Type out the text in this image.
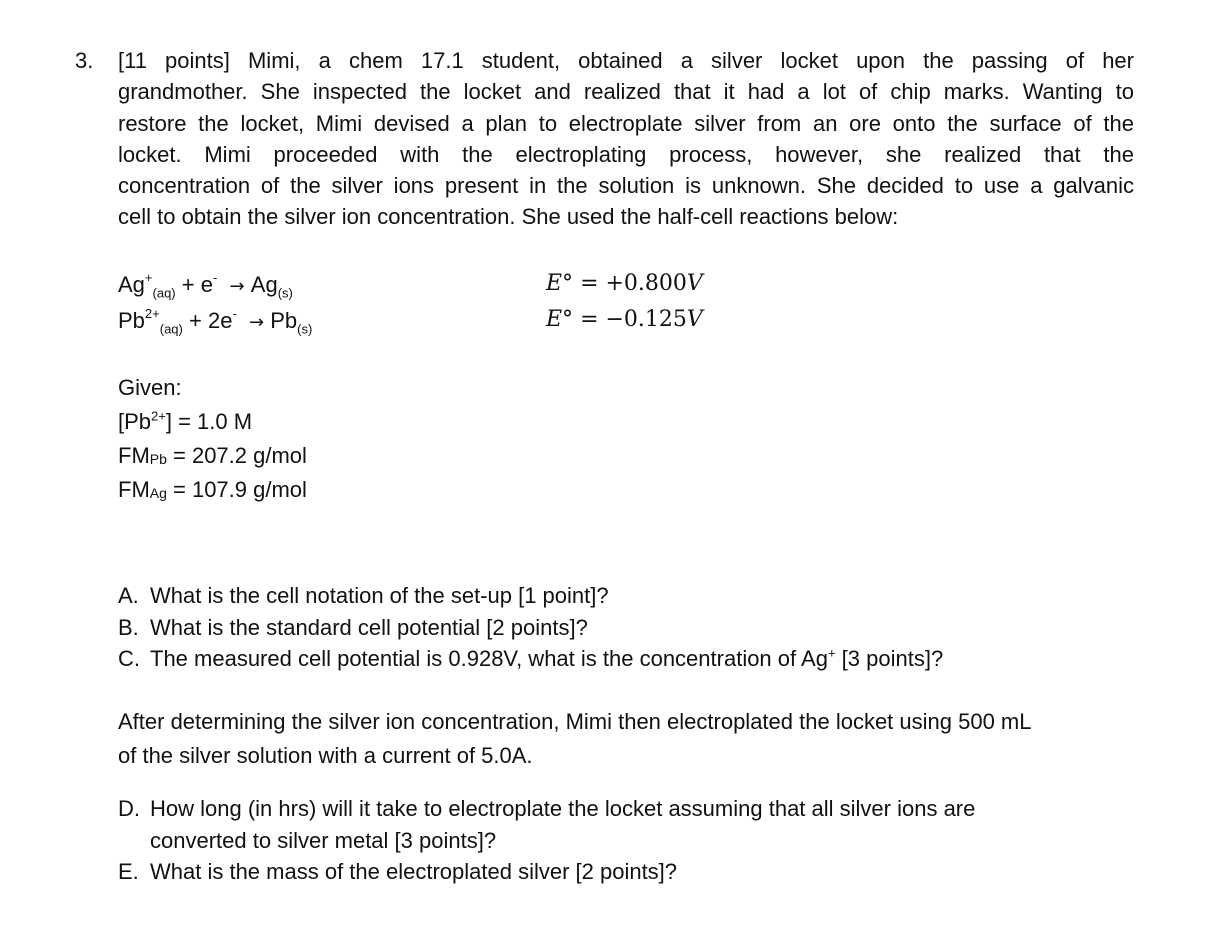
3. [11 points] Mimi, a chem 17.1 student, obtained a silver locket upon the passing of her
grandmother. She inspected the locket and realized that it had a lot of chip marks. Wanting to
restore the locket, Mimi devised a plan to electroplate silver from an ore onto the surface of the
locket. Mimi proceeded with the electroplating process, however, she realized that the
concentration of the silver ions present in the solution is unknown. She decided to use a galvanic
cell to obtain the silver ion concentration. She used the half-cell reactions below:
$Ag^+_{(aq)} + e^- \to Ag_{(s)}$	E° = +0.800V
$Pb^{2+}_{(aq)} + 2e^- \to Pb_{(s)}$	E° = −0.125V
Given:
$[Pb^{2+}] = 1.0$ M
$FM_{Pb} = 207.2$ g/mol
$FM_{Ag} = 107.9$ g/mol
A. What is the cell notation of the set-up [1 point]?
B. What is the standard cell potential [2 points]?
C. The measured cell potential is 0.928V, what is the concentration of Ag+ [3 points]?
After determining the silver ion concentration, Mimi then electroplated the locket using 500 mL
of the silver solution with a current of 5.0A.
D. How long (in hrs) will it take to electroplate the locket assuming that all silver ions are
converted to silver metal [3 points]?
E. What is the mass of the electroplated silver [2 points]?
